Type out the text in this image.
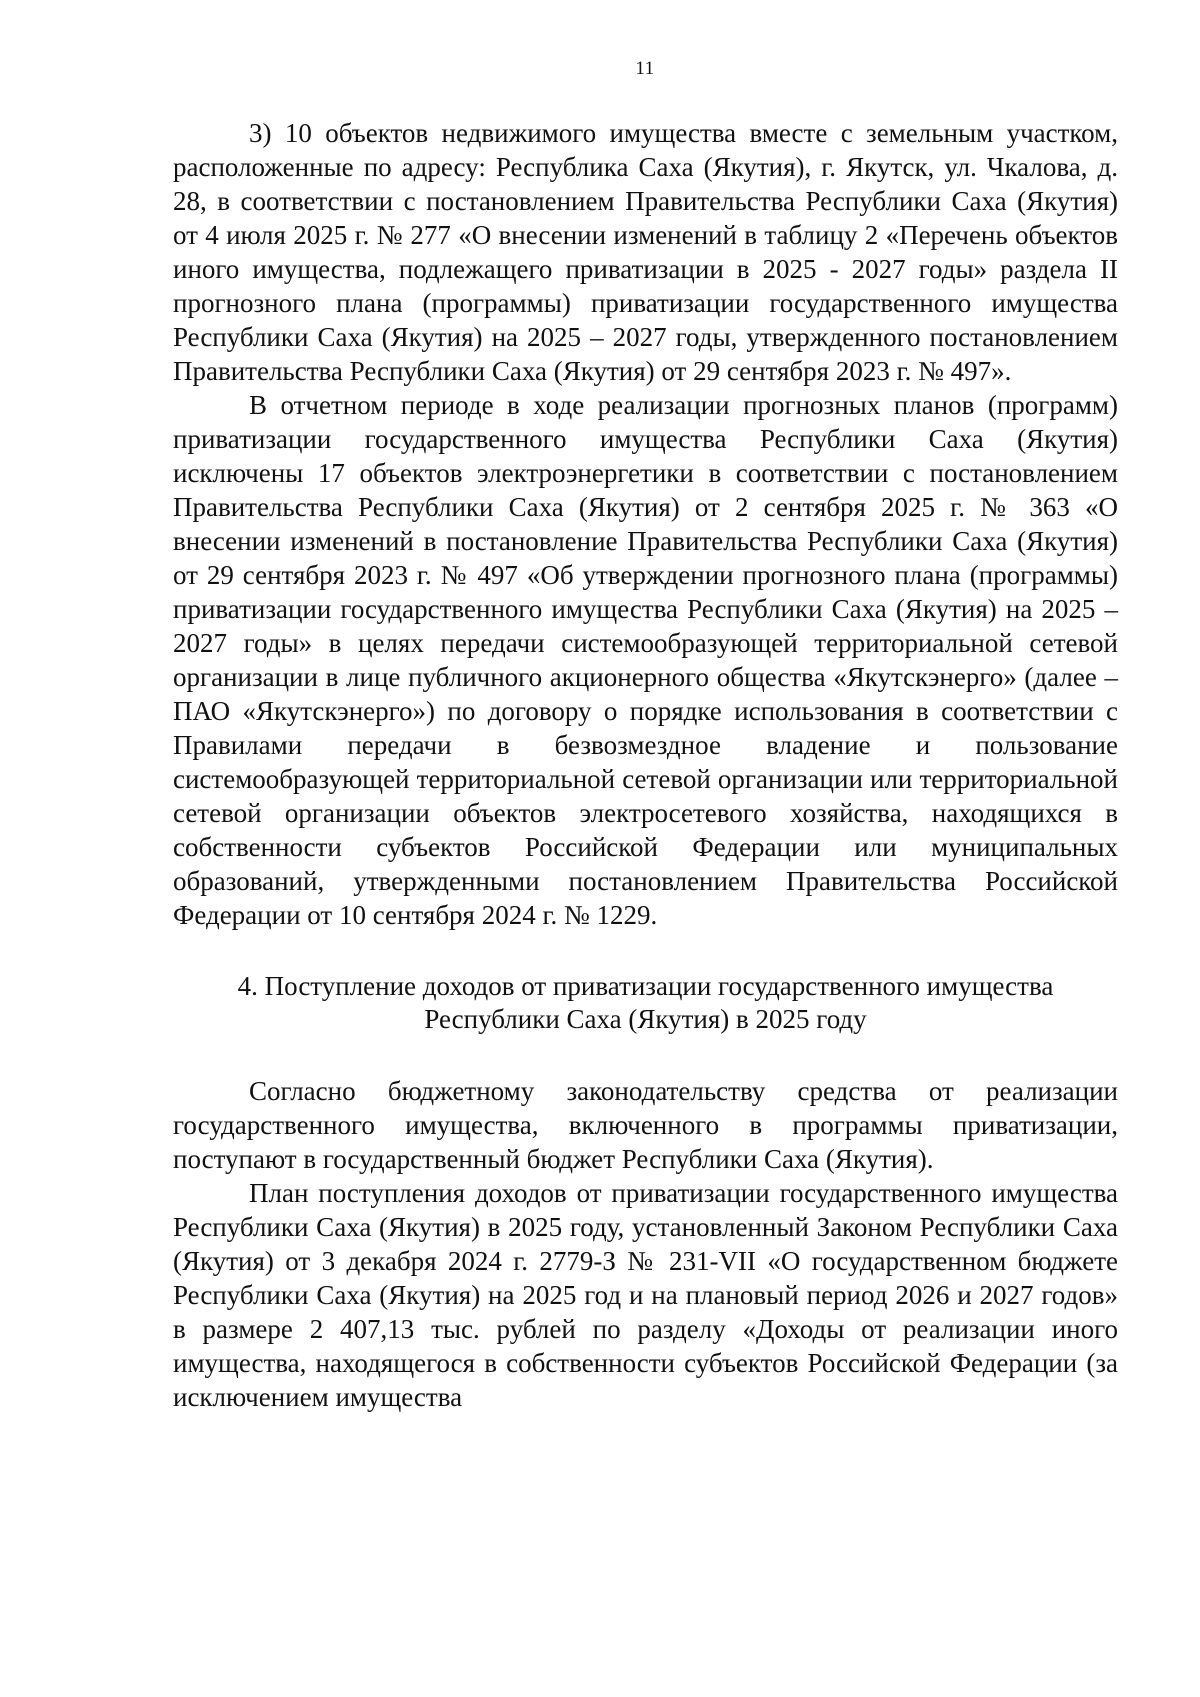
11

3) 10 объектов недвижимого имущества вместе с земельным участком, расположенные по адресу: Республика Саха (Якутия), г. Якутск, ул. Чкалова, д. 28, в соответствии с постановлением Правительства Республики Саха (Якутия) от 4 июля 2025 г. № 277 «О внесении изменений в таблицу 2 «Перечень объектов иного имущества, подлежащего приватизации в 2025 - 2027 годы» раздела II прогнозного плана (программы) приватизации государственного имущества Республики Саха (Якутия) на 2025 – 2027 годы, утвержденного постановлением Правительства Республики Саха (Якутия) от 29 сентября 2023 г. № 497».

В отчетном периоде в ходе реализации прогнозных планов (программ) приватизации государственного имущества Республики Саха (Якутия) исключены 17 объектов электроэнергетики в соответствии с постановлением Правительства Республики Саха (Якутия) от 2 сентября 2025 г. № 363 «О внесении изменений в постановление Правительства Республики Саха (Якутия) от 29 сентября 2023 г. № 497 «Об утверждении прогнозного плана (программы) приватизации государственного имущества Республики Саха (Якутия) на 2025 – 2027 годы» в целях передачи системообразующей территориальной сетевой организации в лице публичного акционерного общества «Якутскэнерго» (далее – ПАО «Якутскэнерго») по договору о порядке использования в соответствии с Правилами передачи в безвозмездное владение и пользование системообразующей территориальной сетевой организации или территориальной сетевой организации объектов электросетевого хозяйства, находящихся в собственности субъектов Российской Федерации или муниципальных образований, утвержденными постановлением Правительства Российской Федерации от 10 сентября 2024 г. № 1229.

4. Поступление доходов от приватизации государственного имущества
Республики Саха (Якутия) в 2025 году

Согласно бюджетному законодательству средства от реализации государственного имущества, включенного в программы приватизации, поступают в государственный бюджет Республики Саха (Якутия).

План поступления доходов от приватизации государственного имущества Республики Саха (Якутия) в 2025 году, установленный Законом Республики Саха (Якутия) от 3 декабря 2024 г. 2779-З № 231-VII «О государственном бюджете Республики Саха (Якутия) на 2025 год и на плановый период 2026 и 2027 годов» в размере 2 407,13 тыс. рублей по разделу «Доходы от реализации иного имущества, находящегося в собственности субъектов Российской Федерации (за исключением имущества
